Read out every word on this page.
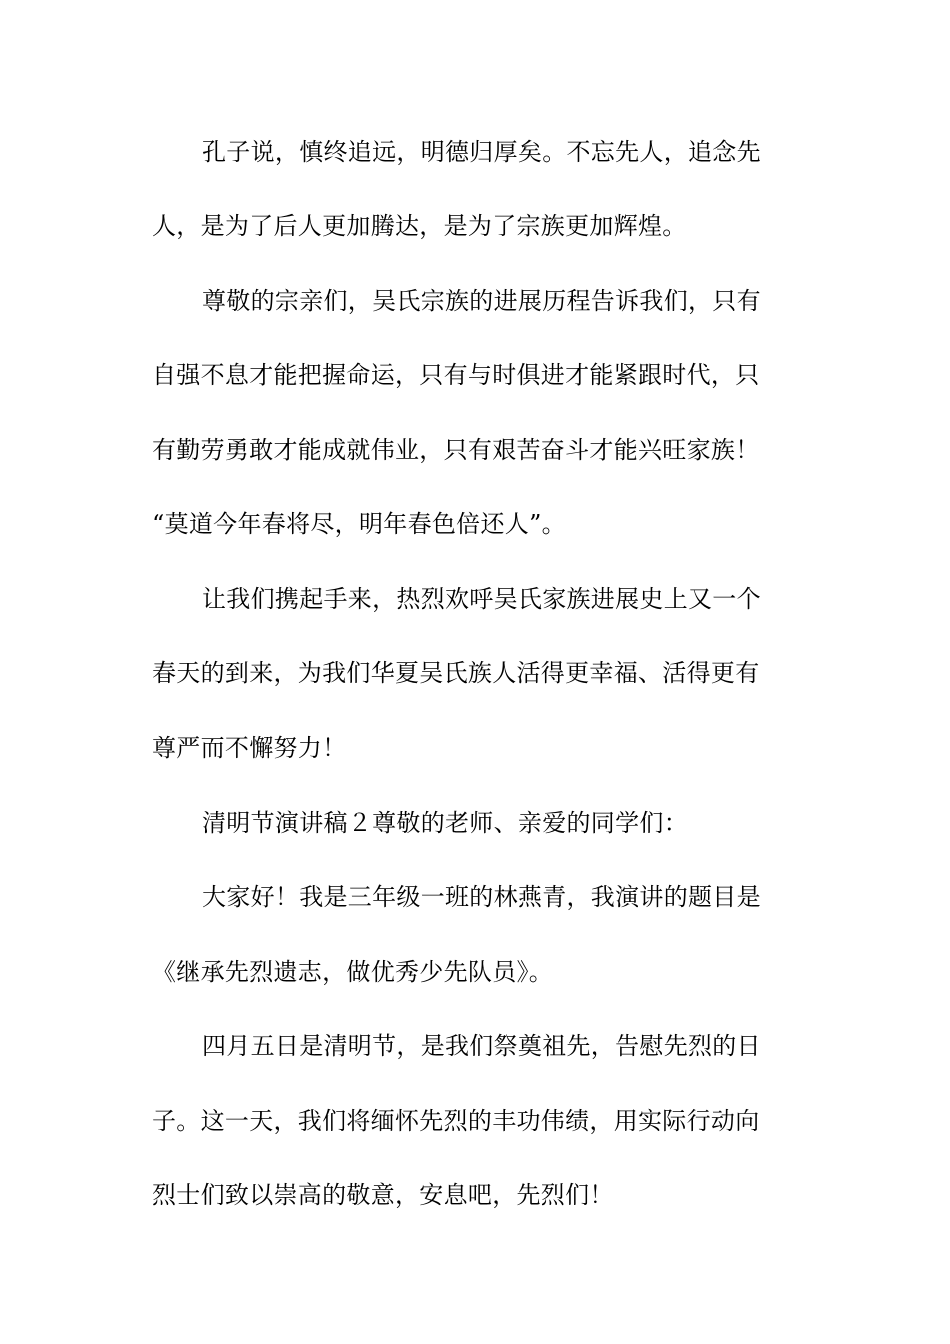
孔子说，慎终追远，明德归厚矣。不忘先人，追念先
人，是为了后人更加腾达，是为了宗族更加辉煌。
尊敬的宗亲们，吴氏宗族的进展历程告诉我们，只有
自强不息才能把握命运，只有与时俱进才能紧跟时代，只
有勤劳勇敢才能成就伟业，只有艰苦奋斗才能兴旺家族！
“莫道今年春将尽，明年春色倍还人”。
让我们携起手来，热烈欢呼吴氏家族进展史上又一个
春天的到来，为我们华夏吴氏族人活得更幸福、活得更有
尊严而不懈努力！
清明节演讲稿２尊敬的老师、亲爱的同学们：
大家好！我是三年级一班的林燕青，我演讲的题目是
《继承先烈遗志，做优秀少先队员》。
四月五日是清明节，是我们祭奠祖先，告慰先烈的日
子。这一天，我们将缅怀先烈的丰功伟绩，用实际行动向
烈士们致以崇高的敬意，安息吧，先烈们！
